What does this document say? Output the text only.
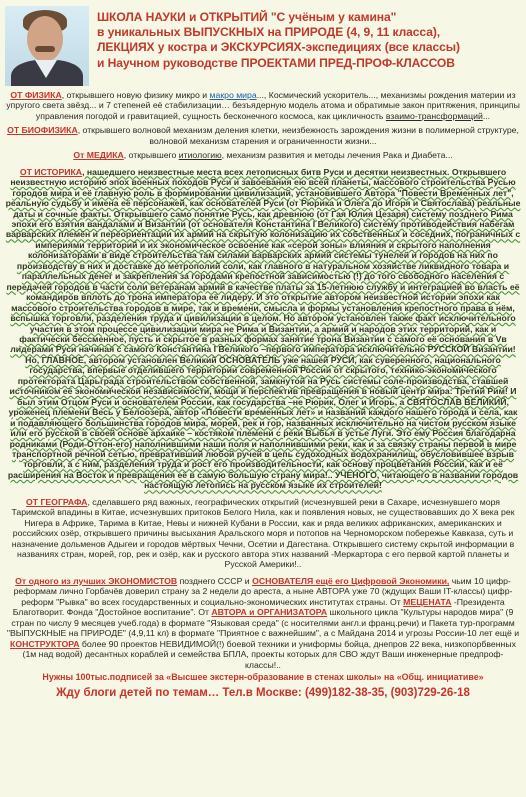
ШКОЛА НАУКИ и ОТКРЫТИЙ "С учёным у камина"
в уникальных ВЫПУСКНЫХ на ПРИРОДЕ (4, 9, 11 класса),
ЛЕКЦИЯХ у костра и ЭКСКУРСИЯХ-экспедициях (все классы)
и Научном руководстве ПРОЕКТАМИ ПРЕД-ПРОФ-КЛАССОВ

ОТ ФИЗИКА, открывшего новую физику микро и макро мира..., Космический ускоритель..., механизмы рождения материи из упругого света звёзд... и 7 степеней её стабилизации… безъядерную модель атома и обратимые закон притяжения, принципы управления погодой и гравитацией, сущность бесконечного космоса, как цикличность взаимо-трансформаций...

ОТ БИОФИЗИКА, открывшего волновой механизм деления клетки, неизбежность зарождения жизни в полимерной структуре, волновой механизм старения и ограниченности жизни...

От МЕДИКА, открывшего итиологию, механизм развития и методы лечения Рака и Диабета...

ОТ ИСТОРИКА, нашедшего неизвестные места всех летописных битв Руси и десятки неизвестных. Открывшего неизвестную историю эпох военных походов Руси и завоевания ею всей планеты, массового строительства Русью городов мира и её главную роль в формировании цивилизаций, установившего Автора "Повести Временных лет", реальную судьбу и имена её персонажей, как основателей Руси (от Рюрика и Олега до Игоря и Святослава) реальные даты и сочные факты. Открывшего само понятие Русь, как древнюю (от Гая Юлия Цезаря) систему позднего Рима эпохи его взятия вандалами и Византии (от основателя Константина I Великого) систему противодействия набегам варварских племён и переориентации их армий на скрытую колонизацию их собственных и соседних, пограничных с империями территорий и их экономическое освоение как «серой зоны» влияния и скрытого наполнения колонизаторами в виде строительства там силами варварских армий системы тунелей и городов на них по производству в них и доставке до метрополий соли, как главного в натуральном хозяйстве ликвидного товара и параллельных денег и закрепления за городами крепостной зависимостью (!) до того свободного населения с передачей городов в части соли ветеранам армий в качестве платы за 15-летнюю службу и интеграцией во власть её командиров вплоть до трона императора её лидеру. И это открытие автором неизвестной истории эпохи как массового строительства городов в мире, так и времени, смысла и формы установления крепостного права в нём, вспышка торговли, разделения труда и цивилизации в целом. Но автором установлен также факт исключительного участия в этом процессе цивилизации мира не Рима и Византии, а армий и народов этих территорий, как и фактически бессменное, пусть и скрытое в разных формах занятие трона Византии с самого её основания в Vв лидерами Руси начиная с самого Константина I Великого –первого императора исключительно РУССКОЙ Византии! Но, ГЛАВНОЕ, автором установлен Великий ОСНОВАТЕЛЬ уже нашей РУСИ, как суверенного, национального государства, впервые отделившего территории современной России от скрытого, технико-экономического протектората Царьграда строительством собственной, замкнутой на Русь системы соле-производства, ставшей источником её экономической независимости, мощи и перспектив превращения в новый центр мира: Третий Рим! И был этим Отцом Руси и основателем России, как государства –не Рюрик, Олег и Игорь, а СВЯТОСЛАВ ВЕЛИКИЙ, уроженец племени Весь у Белоозера, автор «Повести временных лет» и названий каждого нашего города и села, как и подавляющего большинства городов мира, морей, рек и гор, названных исключительно на чистом русском языке или его русской в своей основе архаике – костяком племени с реки Выбья в устье Луги. Это ему Россия благодарна родниками (Роди-Оттон-его) наполнившими наши поля и наполнившими реки, как и за связку страны первой в мире транспортной речной сетью, превративший любой ручей в цепь судоходных водохранилищ, обусловившее взрыв торговли, а с ним, разделения труда и рост его производительности, как основу процветания России, как и её расширения на Восток и превращения её в самую большую страну мира!.. УЧЕНОГО, читающего в названии городов настоящую летопись на русском языке их строителей!

ОТ ГЕОГРАФА, сделавшего ряд важных, географических открытий (исчезнувшей реки в Сахаре, исчезнувшего моря Таримской впадины в Китае, исчезнувших притоков Белого Нила, как и появления новых, не существовавших до X века рек Нигера в Африке, Тарима в Китае, Невы и нижней Кубани в России, как и ряда великих африканских, американских и российских озёр, открывшего причины высыхания Аральского моря и потопов на Черноморском побережье Кавказа, суть и назначение дольменов Адыгеи и городов мёртвых Чечни, Осетии и Дагестана. Открывшего систему скрытой информации в названиях стран, морей, гор, рек и озёр, как и русского автора этих названий -Меркартора с его первой картой планеты и Русской Америки!..

От одного из лучших ЭКОНОМИСТОВ позднего СССР и ОСНОВАТЕЛЯ ещё его Цифровой Экономики, чьим 10 цифр-реформам лично Горбачёв доверил страну за 2 недели до ареста, а ныне АВТОРА уже 70 (ждущих Ваши IT-классы) цифр-реформ "Рывка" во всех государственных и социально-экономических институтах страны. От МЕЦЕНАТА -Президента Благотворит. Фонда "Достойное воспитание". От АВТОРА и ОРГАНИЗАТОРА школьного цикла "Культуры народов мира" (9 стран по числу 9 месяцев учеб.года) в формате "Языковая среда" (с носителями англ.и франц.речи) и Пакета тур-программ "ВЫПУСКНЫЕ на ПРИРОДЕ" (4,9,11 кл) в формате "Приятное с важнейшим", а с Майдана 2014 и угрозы России-10 лет ещё и КОНСТРУКТОРА более 90 проектов НЕВИДИМОЙ(!) боевой техники и униформы бойца, днепров 22 века, низкопорбвенных (1м над водой) десантных кораблей и семейства БПЛА, проекты которых для СВО ждут Ваши инженерные предпроф-классы!..

Нужны 100тыс.подписей за «Высшее экстерн-образование в стенах школы» на «Общ. инициативе»
Жду блоги детей по темам… Тел.в Москве: (499)182-38-35, (903)729-26-18
